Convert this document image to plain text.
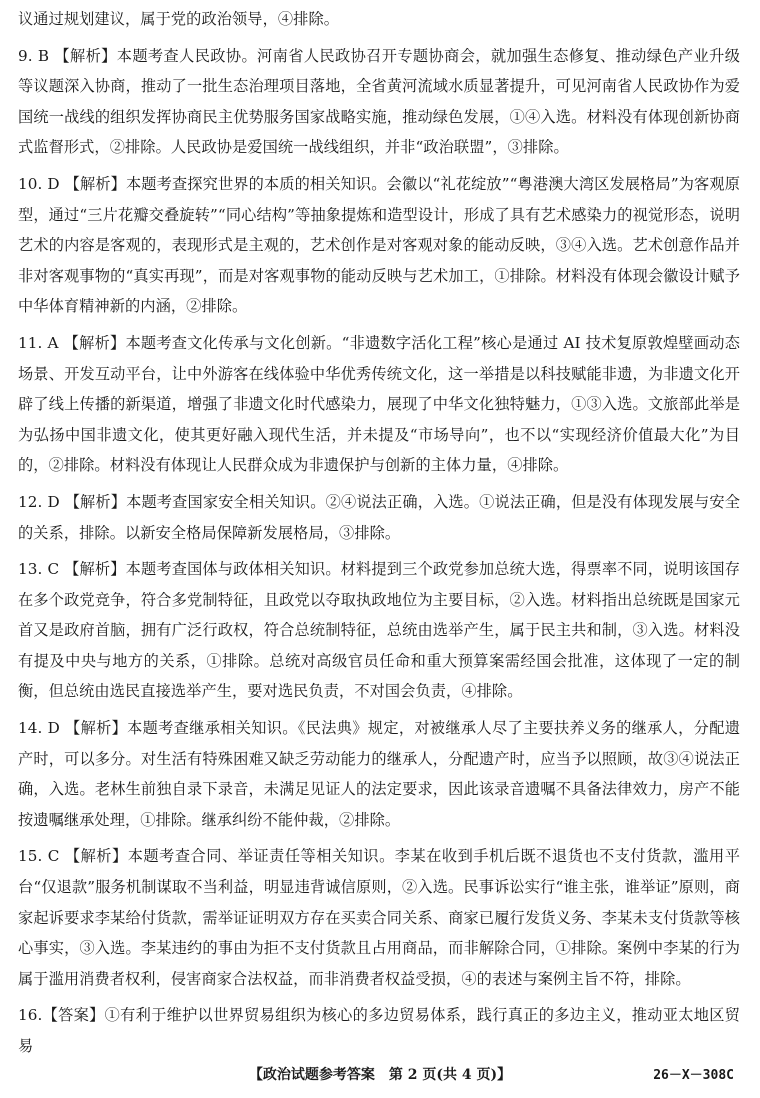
议通过规划建议，属于党的政治领导，④排除。

9. B 【解析】本题考查人民政协。河南省人民政协召开专题协商会，就加强生态修复、推动绿色产业升级等议题深入协商，推动了一批生态治理项目落地，全省黄河流域水质显著提升，可见河南省人民政协作为爱国统一战线的组织发挥协商民主优势服务国家战略实施，推动绿色发展，①④入选。材料没有体现创新协商式监督形式，②排除。人民政协是爱国统一战线组织，并非“政治联盟”，③排除。

10. D 【解析】本题考查探究世界的本质的相关知识。会徽以“礼花绽放”“粤港澳大湾区发展格局”为客观原型，通过“三片花瓣交叠旋转”“同心结构”等抽象提炼和造型设计，形成了具有艺术感染力的视觉形态，说明艺术的内容是客观的，表现形式是主观的，艺术创作是对客观对象的能动反映，③④入选。艺术创意作品并非对客观事物的“真实再现”，而是对客观事物的能动反映与艺术加工，①排除。材料没有体现会徽设计赋予中华体育精神新的内涵，②排除。

11. A 【解析】本题考查文化传承与文化创新。“非遗数字活化工程”核心是通过 AI 技术复原敦煌壁画动态场景、开发互动平台，让中外游客在线体验中华优秀传统文化，这一举措是以科技赋能非遗，为非遗文化开辟了线上传播的新渠道，增强了非遗文化时代感染力，展现了中华文化独特魅力，①③入选。文旅部此举是为弘扬中国非遗文化，使其更好融入现代生活，并未提及“市场导向”，也不以“实现经济价值最大化”为目的，②排除。材料没有体现让人民群众成为非遗保护与创新的主体力量，④排除。

12. D 【解析】本题考查国家安全相关知识。②④说法正确，入选。①说法正确，但是没有体现发展与安全的关系，排除。以新安全格局保障新发展格局，③排除。

13. C 【解析】本题考查国体与政体相关知识。材料提到三个政党参加总统大选，得票率不同，说明该国存在多个政党竞争，符合多党制特征，且政党以夺取执政地位为主要目标，②入选。材料指出总统既是国家元首又是政府首脑，拥有广泛行政权，符合总统制特征，总统由选举产生，属于民主共和制，③入选。材料没有提及中央与地方的关系，①排除。总统对高级官员任命和重大预算案需经国会批准，这体现了一定的制衡，但总统由选民直接选举产生，要对选民负责，不对国会负责，④排除。

14. D 【解析】本题考查继承相关知识。《民法典》规定，对被继承人尽了主要扶养义务的继承人，分配遗产时，可以多分。对生活有特殊困难又缺乏劳动能力的继承人，分配遗产时，应当予以照顾，故③④说法正确，入选。老林生前独自录下录音，未满足见证人的法定要求，因此该录音遗嘱不具备法律效力，房产不能按遗嘱继承处理，①排除。继承纠纷不能仲裁，②排除。

15. C 【解析】本题考查合同、举证责任等相关知识。李某在收到手机后既不退货也不支付货款，滥用平台“仅退款”服务机制谋取不当利益，明显违背诚信原则，②入选。民事诉讼实行“谁主张，谁举证”原则，商家起诉要求李某给付货款，需举证证明双方存在买卖合同关系、商家已履行发货义务、李某未支付货款等核心事实，③入选。李某违约的事由为拒不支付货款且占用商品，而非解除合同，①排除。案例中李某的行为属于滥用消费者权利，侵害商家合法权益，而非消费者权益受损，④的表述与案例主旨不符，排除。

16.【答案】①有利于维护以世界贸易组织为核心的多边贸易体系，践行真正的多边主义，推动亚太地区贸易

【政治试题参考答案　第 2 页(共 4 页)】	26－X－308C
